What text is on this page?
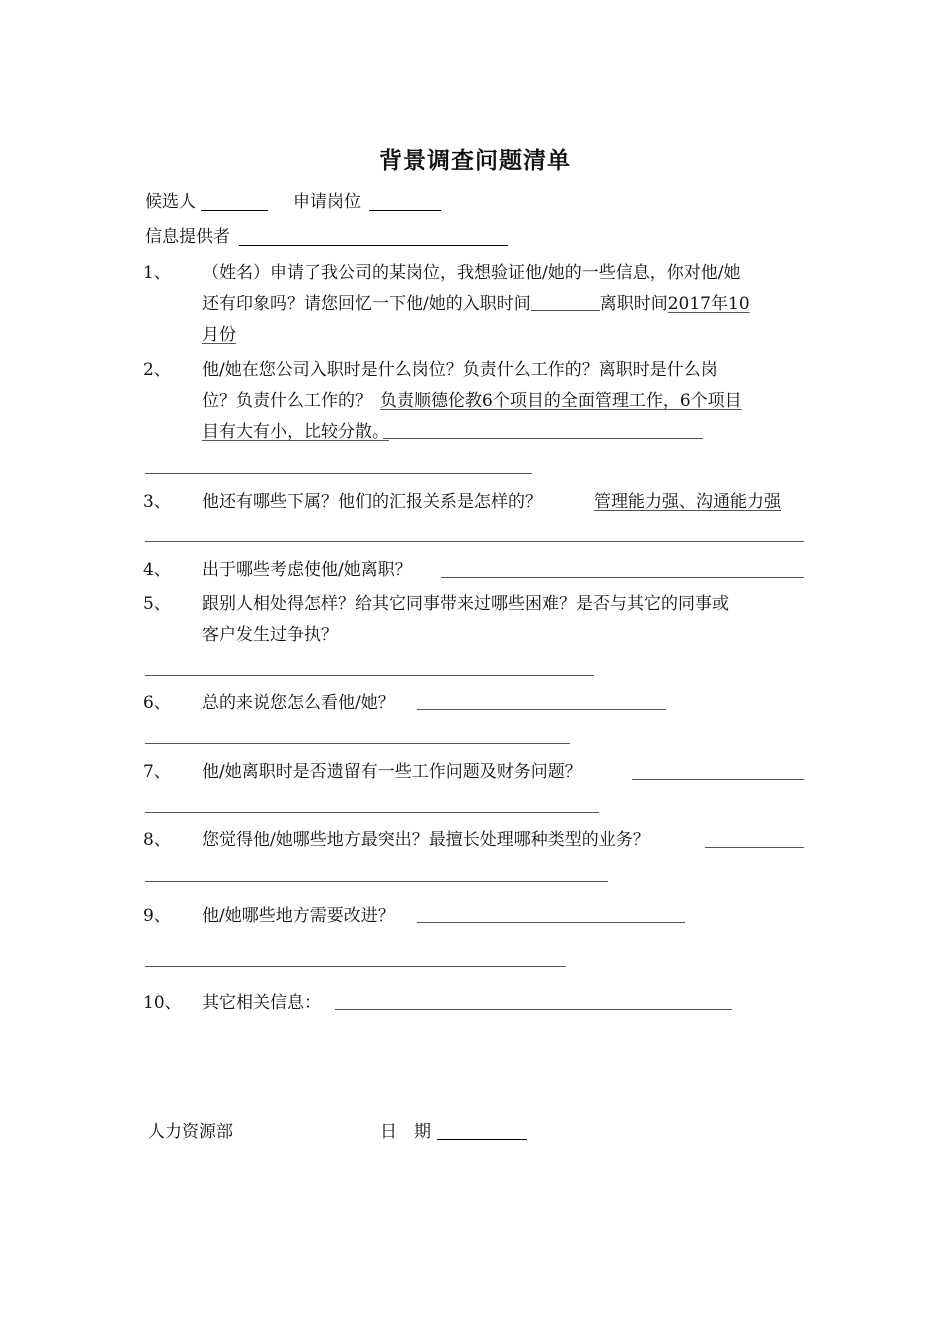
背景调查问题清单
候选人	申请岗位
信息提供者
1、 （姓名）申请了我公司的某岗位，我想验证他/她的一些信息，你对他/她
还有印象吗？请您回忆一下他/她的入职时间	离职时间2017年10
月份
2、 他/她在您公司入职时是什么岗位？负责什么工作的？离职时是什么岗
位？负责什么工作的？ 负责顺德伦教6个项目的全面管理工作，6个项目
目有大有小，比较分散。
3、 他还有哪些下属？他们的汇报关系是怎样的？	管理能力强、沟通能力强
4、 出于哪些考虑使他/她离职？
5、 跟别人相处得怎样？给其它同事带来过哪些困难？是否与其它的同事或
客户发生过争执？
6、 总的来说您怎么看他/她？
7、 他/她离职时是否遗留有一些工作问题及财务问题？
8、 您觉得他/她哪些地方最突出？最擅长处理哪种类型的业务？
9、 他/她哪些地方需要改进？
10、 其它相关信息：
人力资源部	日　期
